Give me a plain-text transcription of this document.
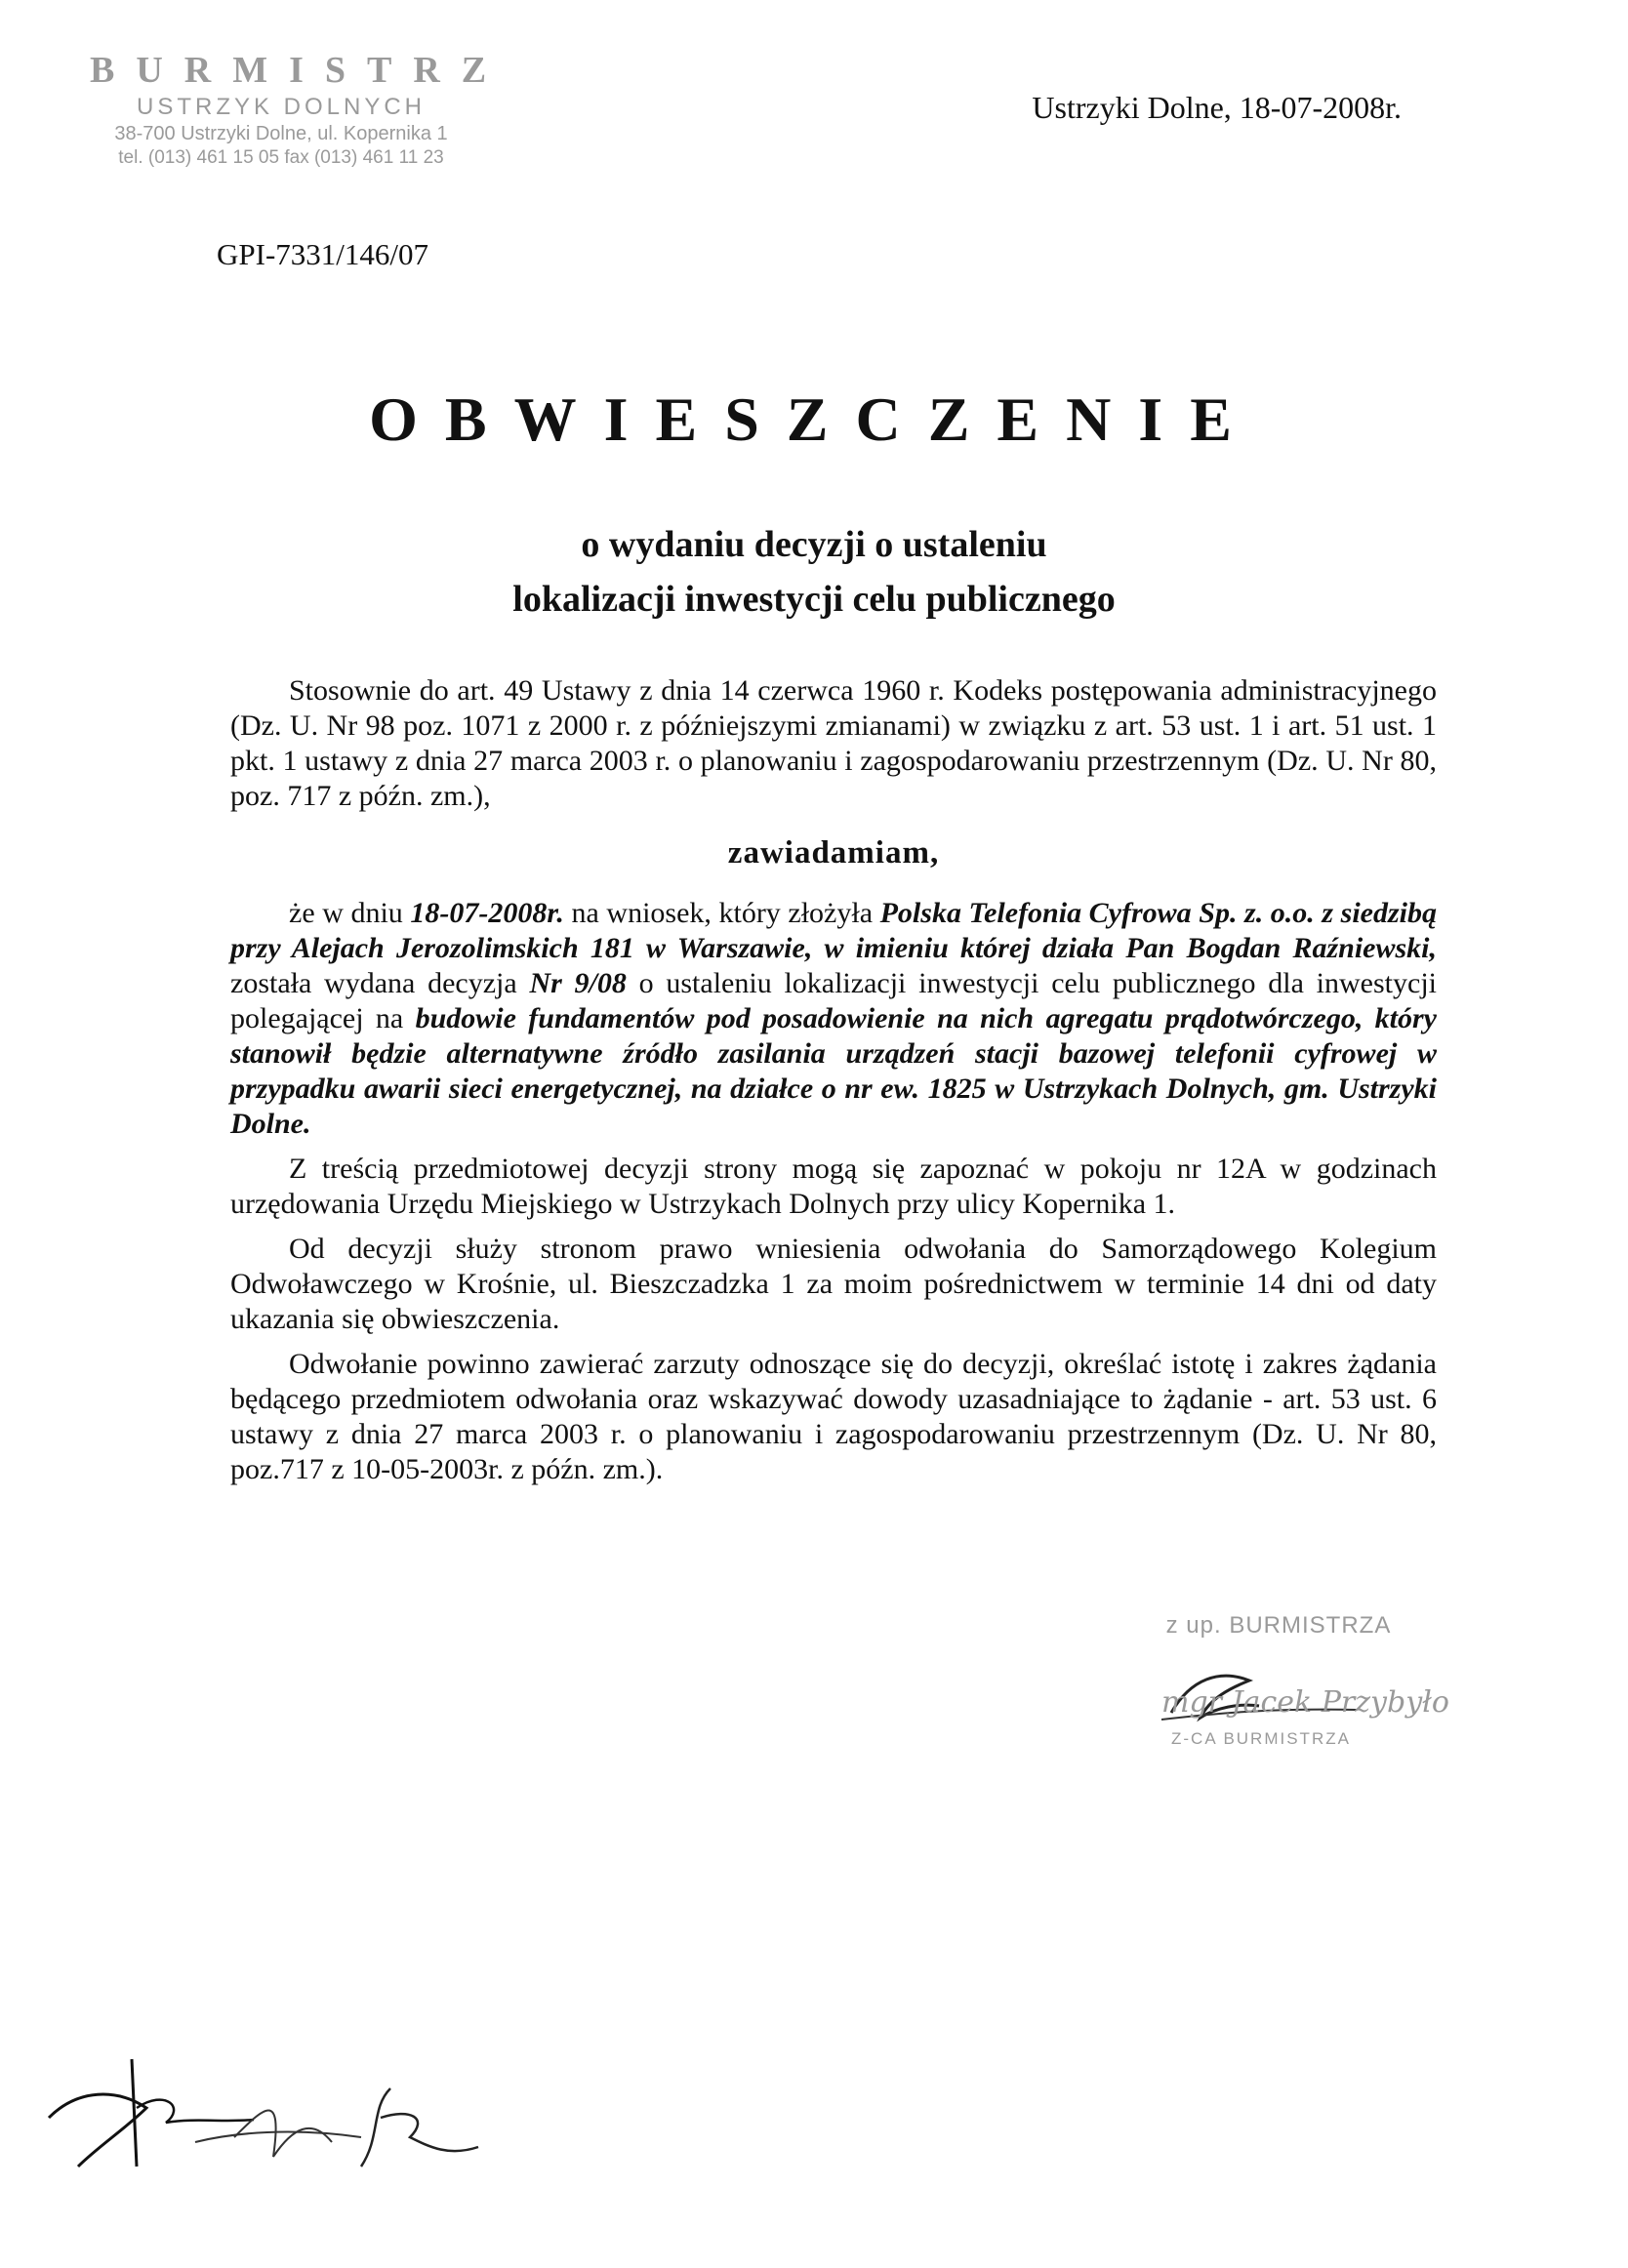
BURMISTRZ
USTRZYK DOLNYCH
38-700 Ustrzyki Dolne, ul. Kopernika 1
tel. (013) 461 15 05 fax (013) 461 11 23
Ustrzyki Dolne, 18-07-2008r.
GPI-7331/146/07
OBWIESZCZENIE
o wydaniu decyzji o ustaleniu
lokalizacji inwestycji celu publicznego

Stosownie do art. 49 Ustawy z dnia 14 czerwca 1960 r. Kodeks postępowania administracyjnego (Dz. U. Nr 98 poz. 1071 z 2000 r. z późniejszymi zmianami) w związku z art. 53 ust. 1 i art. 51 ust. 1 pkt. 1 ustawy z dnia 27 marca 2003 r. o planowaniu i zagospodarowaniu przestrzennym (Dz. U. Nr 80, poz. 717 z późn. zm.),

zawiadamiam,

że w dniu 18-07-2008r. na wniosek, który złożyła Polska Telefonia Cyfrowa Sp. z. o.o. z siedzibą przy Alejach Jerozolimskich 181 w Warszawie, w imieniu której działa Pan Bogdan Raźniewski, została wydana decyzja Nr 9/08 o ustaleniu lokalizacji inwestycji celu publicznego dla inwestycji polegającej na budowie fundamentów pod posadowienie na nich agregatu prądotwórczego, który stanowił będzie alternatywne źródło zasilania urządzeń stacji bazowej telefonii cyfrowej w przypadku awarii sieci energetycznej, na działce o nr ew. 1825 w Ustrzykach Dolnych, gm. Ustrzyki Dolne.

Z treścią przedmiotowej decyzji strony mogą się zapoznać w pokoju nr 12A w godzinach urzędowania Urzędu Miejskiego w Ustrzykach Dolnych przy ulicy Kopernika 1.

Od decyzji służy stronom prawo wniesienia odwołania do Samorządowego Kolegium Odwoławczego w Krośnie, ul. Bieszczadzka 1 za moim pośrednictwem w terminie 14 dni od daty ukazania się obwieszczenia.

Odwołanie powinno zawierać zarzuty odnoszące się do decyzji, określać istotę i zakres żądania będącego przedmiotem odwołania oraz wskazywać dowody uzasadniające to żądanie - art. 53 ust. 6 ustawy z dnia 27 marca 2003 r. o planowaniu i zagospodarowaniu przestrzennym (Dz. U. Nr 80, poz.717 z 10-05-2003r. z późn. zm.).

z up. BURMISTRZA
mgr Jacek Przybyło
Z-CA BURMISTRZA
